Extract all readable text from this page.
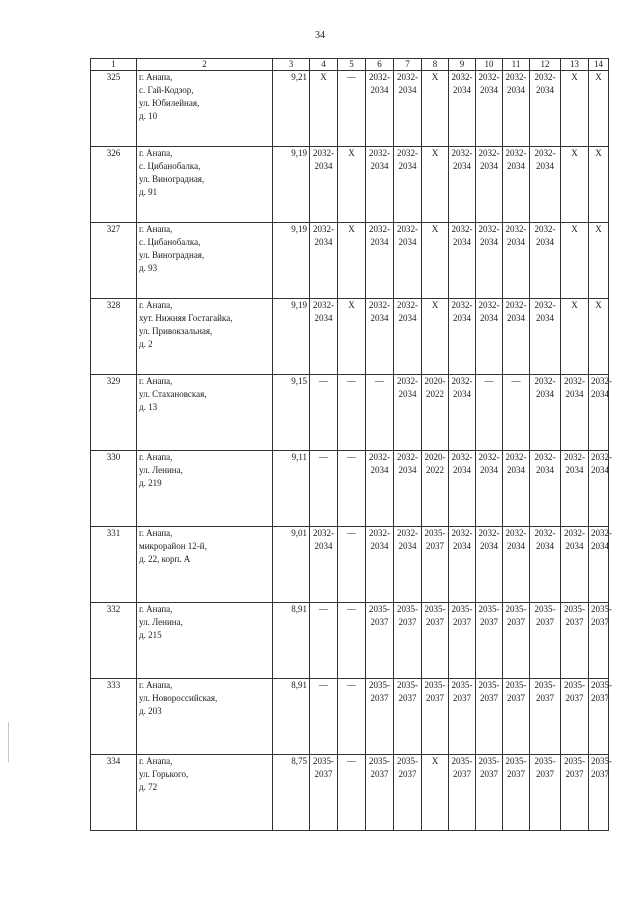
34
1	2	3	4	5	6	7	8	9	10	11	12	13	14
325	г. Анапа,
с. Гай-Кодзор,
ул. Юбилейная,
д. 10	9,21	Х	—	2032-
2034	2032-
2034	Х	2032-
2034	2032-
2034	2032-
2034	2032-
2034	Х	Х
326	г. Анапа,
с. Цибанобалка,
ул. Виноградная,
д. 91	9,19	2032-
2034	Х	2032-
2034	2032-
2034	Х	2032-
2034	2032-
2034	2032-
2034	2032-
2034	Х	Х
327	г. Анапа,
с. Цибанобалка,
ул. Виноградная,
д. 93	9,19	2032-
2034	Х	2032-
2034	2032-
2034	Х	2032-
2034	2032-
2034	2032-
2034	2032-
2034	Х	Х
328	г. Анапа,
хут. Нижняя Гостагайка,
ул. Привокзальная,
д. 2	9,19	2032-
2034	Х	2032-
2034	2032-
2034	Х	2032-
2034	2032-
2034	2032-
2034	2032-
2034	Х	Х
329	г. Анапа,
ул. Стахановская,
д. 13	9,15	—	—	—	2032-
2034	2020-
2022	2032-
2034	—	—	2032-
2034	2032-
2034	2032-
2034
330	г. Анапа,
ул. Ленина,
д. 219	9,11	—	—	2032-
2034	2032-
2034	2020-
2022	2032-
2034	2032-
2034	2032-
2034	2032-
2034	2032-
2034	2032-
2034
331	г. Анапа,
микрорайон 12-й,
д. 22, корп. А	9,01	2032-
2034	—	2032-
2034	2032-
2034	2035-
2037	2032-
2034	2032-
2034	2032-
2034	2032-
2034	2032-
2034	2032-
2034
332	г. Анапа,
ул. Ленина,
д. 215	8,91	—	—	2035-
2037	2035-
2037	2035-
2037	2035-
2037	2035-
2037	2035-
2037	2035-
2037	2035-
2037	2035-
2037
333	г. Анапа,
ул. Новороссийская,
д. 203	8,91	—	—	2035-
2037	2035-
2037	2035-
2037	2035-
2037	2035-
2037	2035-
2037	2035-
2037	2035-
2037	2035-
2037
334	г. Анапа,
ул. Горького,
д. 72	8,75	2035-
2037	—	2035-
2037	2035-
2037	Х	2035-
2037	2035-
2037	2035-
2037	2035-
2037	2035-
2037	2035-
2037
